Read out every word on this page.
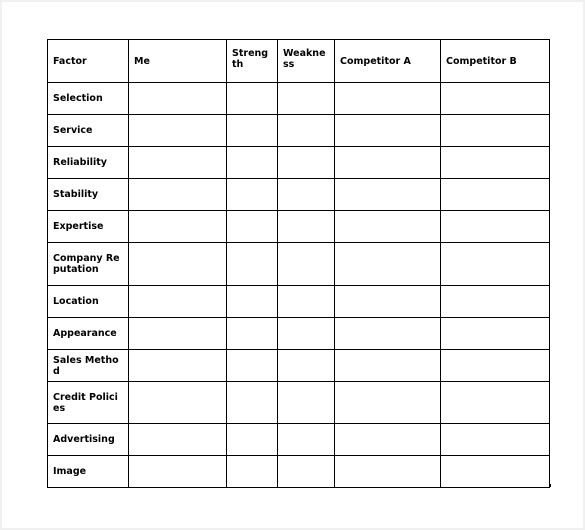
Factor	Me	Strength	Weakness	Competitor A	Competitor B
Selection					
Service					
Reliability					
Stability					
Expertise					
Company Reputation					
Location					
Appearance					
Sales Method					
Credit Policies					
Advertising					
Image					
